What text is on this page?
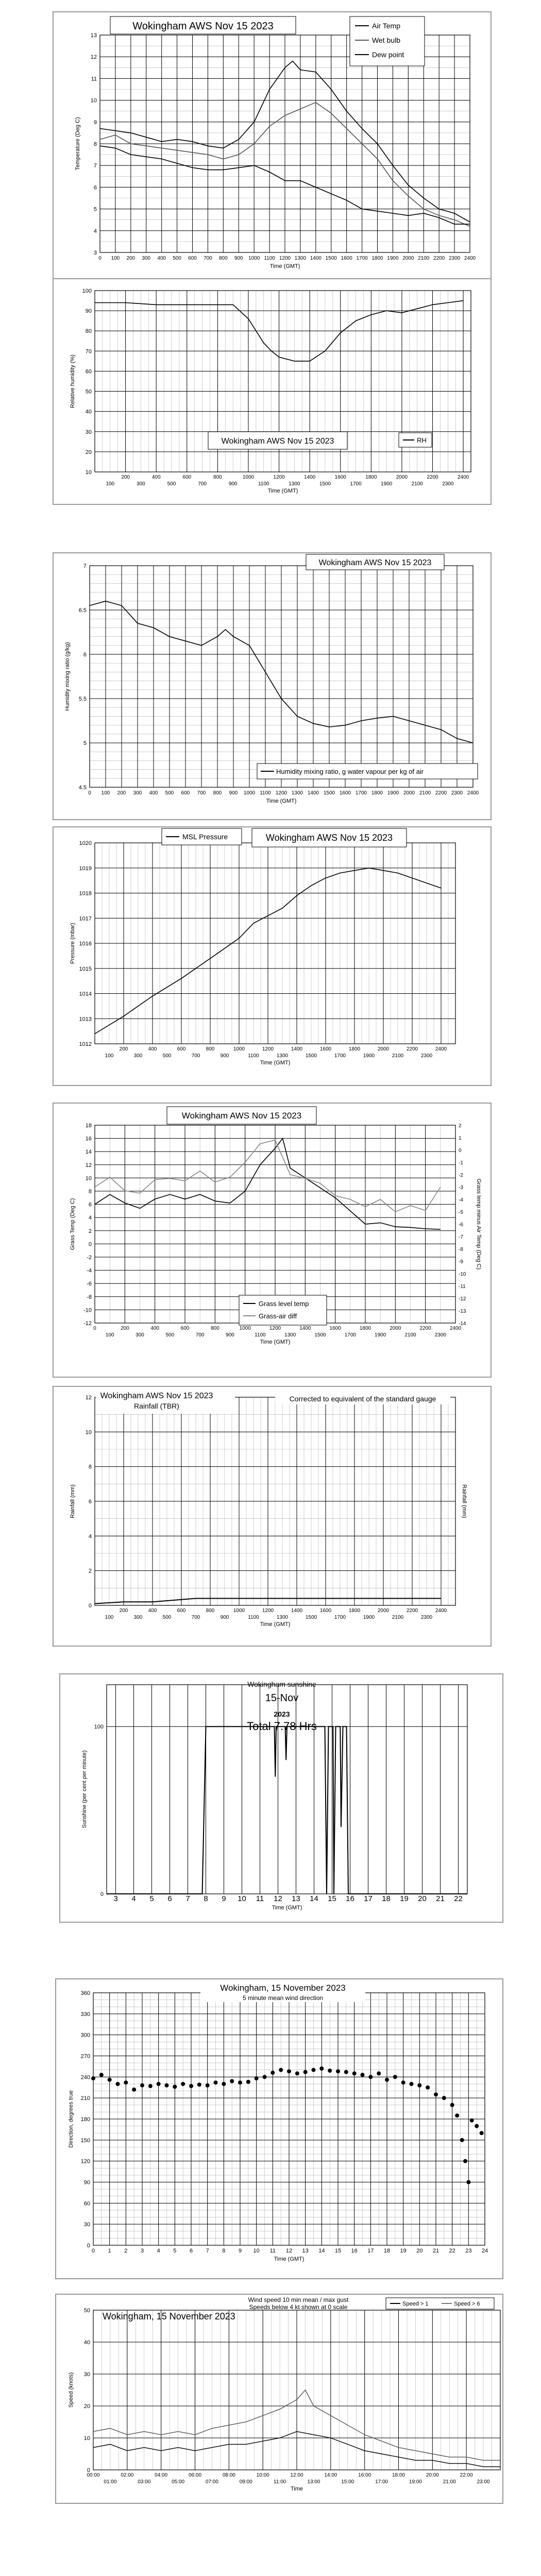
3
4
5
6
7
8
9
10
11
12
13
0 100 200 300 400 500 600 700 800 900 1000 1100 1200 1300 1400 1500 1600 1700 1800 1900 2000 2100 2200 2300 2400
Time (GMT)
Temperature (Deg C)
Wokingham AWS Nov 15 2023	Air Temp
Wet bulb
Dew point
10
20
30
40
50
60
70
80
90
100
200	400	600	800	1000	1200	1400	1600	1800	2000	2200	2400
100	300	500	700	900	1100	1300	1500	1700	1900	2100	2300
Time (GMT)
Relative humidity (%)
Wokingham AWS Nov 15 2023	RH
4.5
5
5.5
6
6.5
7
0 100 200 300 400 500 600 700 800 900 1000 1100 1200 1300 1400 1500 1600 1700 1800 1900 2000 2100 2200 2300 2400
Time (GMT)
Humidity mixing ratio (g/kg)
Wokingham AWS Nov 15 2023
Humidity mixing ratio, g water vapour per kg of air
1012
1013
1014
1015
1016
1017
1018
1019
1020
200	400	600	800	1000	1200	1400	1600	1800	2000	2200	2400
100	300	500	700	900	1100	1300	1500	1700	1900	2100	2300
Time (GMT)
Pressure (mbar)
Wokingham AWS Nov 15 2023
MSL Pressure
-12
-10
-8
-6
-4
-2
0
2
4
6
8
10
12
14
16
18
0	200	400	600	800	1000	1200	1400	1600	1800	2000	2200	2400
100	300	500	700	900	1100	1300	1500	1700	1900	2100	2300
Time (GMT)
Grass Temp (Deg C)
-14
-13
-12
-11
-10
-9
-8
-7
-6
-5
-4
-3
-2
-1
0
1
2
Grass temp minus Air Temp (Deg C)
Wokingham AWS Nov 15 2023
Grass level temp
Grass-air diff
0
2
4
6
8
10
12
200	400	600	800	1000	1200	1400	1600	1800	2000	2200	2400
100	300	500	700	900	1100	1300	1500	1700	1900	2100	2300
Time (GMT)
Rainfall (mm)	Rainfall (mm)
Wokingham AWS Nov 15 2023
Rainfall (TBR)
Corrected to equivalent of the standard gauge
0
100
3 4 5 6 7 8 9 10 11 12 13 14 15 16 17 18 19 20 21 22
Time (GMT)
Sunshine (per cent per minute)
Wokingham sunshine
15-Nov
2023
Total 7.78 Hrs
0
30
60
90
120
150
180
210
240
270
300
330
360
0 1 2 3 4 5 6 7 8 9 10 11 12 13 14 15 16 17 18 19 20 21 22 23 24
Time (GMT)
Direction, degrees true
Wokingham, 15 November 2023
5 minute mean wind direction
0
10
20
30
40
50
00:00	02:00	04:00	06:00	08:00	10:00	12:00	14:00	16:00	18:00	20:00	22:00
01:00	03:00	05:00	07:00	09:00	11:00	13:00	15:00	17:00	19:00	21:00	23:00
Time
Speed (knots)
Wokingham, 15 November 2023
Wind speed 10 min mean / max gust
Speeds below 4 kt shown at 0 scale	Speed > 1	Speed > 6
